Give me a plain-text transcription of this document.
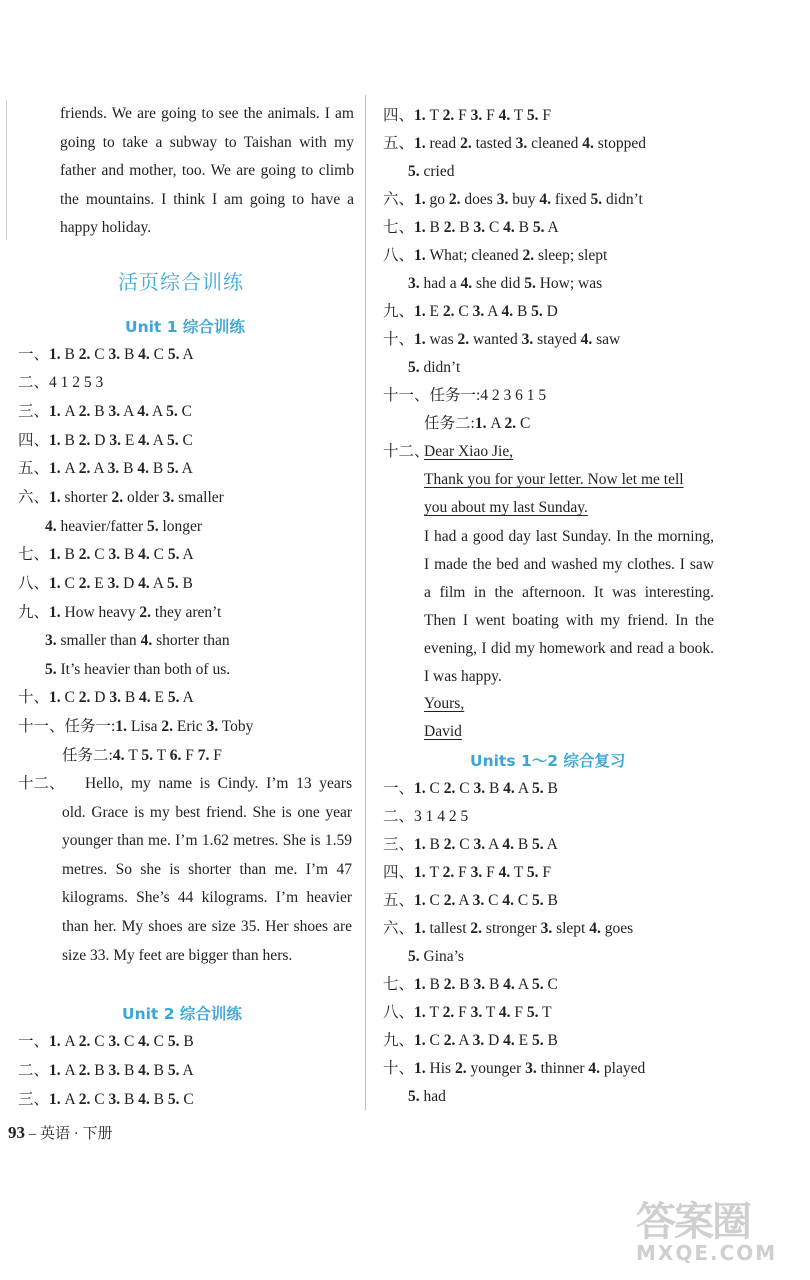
friends. We are going to see the animals. I am going to take a subway to Taishan with my father and mother, too. We are going to climb the mountains. I think I am going to have a happy holiday.
活页综合训练
Unit 1 综合训练
一、1. B 2. C 3. B 4. C 5. A
二、4 1 2 5 3
三、1. A 2. B 3. A 4. A 5. C
四、1. B 2. D 3. E 4. A 5. C
五、1. A 2. A 3. B 4. B 5. A
六、1. shorter 2. older 3. smaller
4. heavier/fatter 5. longer
七、1. B 2. C 3. B 4. C 5. A
八、1. C 2. E 3. D 4. A 5. B
九、1. How heavy 2. they aren’t
3. smaller than 4. shorter than
5. It’s heavier than both of us.
十、1. C 2. D 3. B 4. E 5. A
十一、任务一:1. Lisa 2. Eric 3. Toby
任务二:4. T 5. T 6. F 7. F
十二、	Hello, my name is Cindy. I’m 13 years old. Grace is my best friend. She is one year younger than me. I’m 1.62 metres. She is 1.59 metres. So she is shorter than me. I’m 47 kilograms. She’s 44 kilograms. I’m heavier than her. My shoes are size 35. Her shoes are size 33. My feet are bigger than hers.
Unit 2 综合训练
一、1. A 2. C 3. C 4. C 5. B
二、1. A 2. B 3. B 4. B 5. A
三、1. A 2. C 3. B 4. B 5. C
93 – 英语 · 下册
四、1. T 2. F 3. F 4. T 5. F
五、1. read 2. tasted 3. cleaned 4. stopped
5. cried
六、1. go 2. does 3. buy 4. fixed 5. didn’t
七、1. B 2. B 3. C 4. B 5. A
八、1. What; cleaned 2. sleep; slept
3. had a 4. she did 5. How; was
九、1. E 2. C 3. A 4. B 5. D
十、1. was 2. wanted 3. stayed 4. saw
5. didn’t
十一、任务一:4 2 3 6 1 5
任务二:1. A 2. C
十二、
Dear Xiao Jie,
Thank you for your letter. Now let me tell
you about my last Sunday.
I had a good day last Sunday. In the morning, I made the bed and washed my clothes. I saw a film in the afternoon. It was interesting. Then I went boating with my friend. In the evening, I did my homework and read a book. I was happy.
Yours,
David
Units 1～2 综合复习
一、1. C 2. C 3. B 4. A 5. B
二、3 1 4 2 5
三、1. B 2. C 3. A 4. B 5. A
四、1. T 2. F 3. F 4. T 5. F
五、1. C 2. A 3. C 4. C 5. B
六、1. tallest 2. stronger 3. slept 4. goes
5. Gina’s
七、1. B 2. B 3. B 4. A 5. C
八、1. T 2. F 3. T 4. F 5. T
九、1. C 2. A 3. D 4. E 5. B
十、1. His 2. younger 3. thinner 4. played
5. had
答案圈
MXQE.COM
